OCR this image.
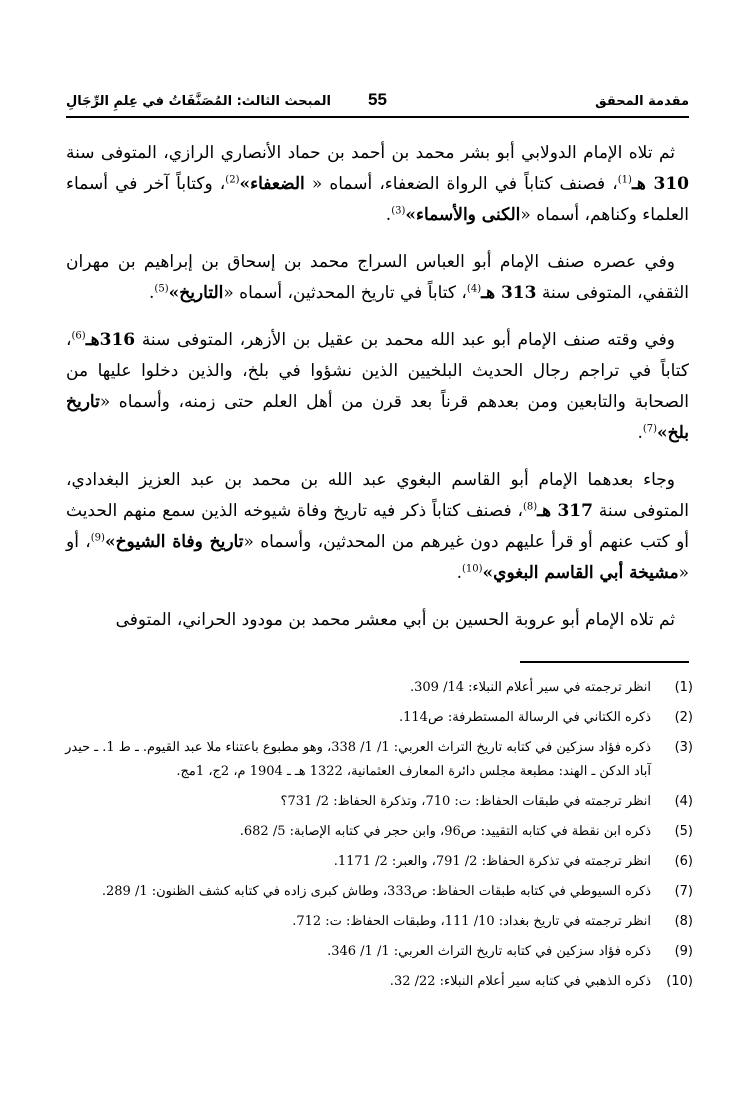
مقدمة المحقق
55
المبحث الثالث: المُصَنَّفَاتُ في عِلمِ الرِّجَالِ

ثم تلاه الإمام الدولابي أبو بشر محمد بن أحمد بن حماد الأنصاري الرازي، المتوفى سنة 310 هـ$^{(1)}$، فصنف كتاباً في الرواة الضعفاء، أسماه « الضعفاء»$^{(2)}$، وكتاباً آخر في أسماء العلماء وكناهم، أسماه «الكنى والأسماء»$^{(3)}$.

وفي عصره صنف الإمام أبو العباس السراج محمد بن إسحاق بن إبراهيم بن مهران الثقفي، المتوفى سنة 313 هـ$^{(4)}$، كتاباً في تاريخ المحدثين، أسماه «التاريخ»$^{(5)}$.

وفي وقته صنف الإمام أبو عبد الله محمد بن عقيل بن الأزهر، المتوفى سنة 316هـ$^{(6)}$، كتاباً في تراجم رجال الحديث البلخيين الذين نشؤوا في بلخ، والذين دخلوا عليها من الصحابة والتابعين ومن بعدهم قرناً بعد قرن من أهل العلم حتى زمنه، وأسماه «تاريخ بلخ»$^{(7)}$.

وجاء بعدهما الإمام أبو القاسم البغوي عبد الله بن محمد بن عبد العزيز البغدادي، المتوفى سنة 317 هـ$^{(8)}$، فصنف كتاباً ذكر فيه تاريخ وفاة شيوخه الذين سمع منهم الحديث أو كتب عنهم أو قرأ عليهم دون غيرهم من المحدثين، وأسماه «تاريخ وفاة الشيوخ»$^{(9)}$، أو «مشيخة أبي القاسم البغوي»$^{(10)}$.

ثم تلاه الإمام أبو عروبة الحسين بن أبي معشر محمد بن مودود الحراني، المتوفى

(1)
انظر ترجمته في سير أعلام النبلاء: 14/ 309.
(2)
ذكره الكتاني في الرسالة المستطرفة: ص114.
(3)
ذكره فؤاد سزكين في كتابه تاريخ التراث العربي: 1/ 1/ 338، وهو مطبوع باعتناء ملا عبد القيوم. ـ ط 1. ـ حيدر آباد الدكن ـ الهند: مطبعة مجلس دائرة المعارف العثمانية، 1322 هـ ـ 1904 م، 2ج، 1مج.
(4)
انظر ترجمته في طبقات الحفاظ: ت: 710، وتذكرة الحفاظ: 2/ 731؟
(5)
ذكره ابن نقطة في كتابه التقييد: ص96، وابن حجر في كتابه الإصابة: 5/ 682.
(6)
انظر ترجمته في تذكرة الحفاظ: 2/ 791، والعبر: 2/ 1171.
(7)
ذكره السيوطي في كتابه طبقات الحفاظ: ص333، وطاش كبرى زاده في كتابه كشف الظنون: 1/ 289.
(8)
انظر ترجمته في تاريخ بغداد: 10/ 111، وطبقات الحفاظ: ت: 712.
(9)
ذكره فؤاد سزكين في كتابه تاريخ التراث العربي: 1/ 1/ 346.
(10)
ذكره الذهبي في كتابه سير أعلام النبلاء: 22/ 32.
